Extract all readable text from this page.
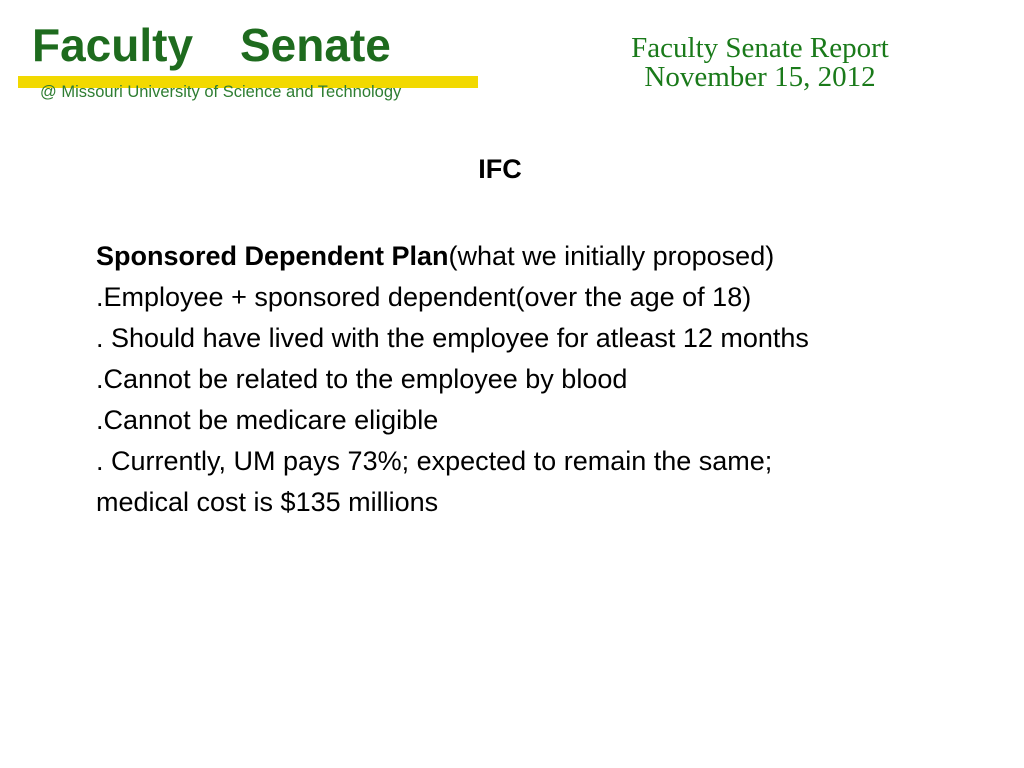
Faculty Senate
@ Missouri University of Science and Technology
Faculty Senate Report
November 15, 2012
IFC

Sponsored Dependent Plan(what we initially proposed)

.Employee + sponsored dependent(over the age of 18)

. Should have lived with the employee for atleast 12 months

.Cannot be related to the employee by blood

.Cannot be medicare eligible

. Currently, UM pays 73%; expected to remain the same; medical cost is $135 millions
